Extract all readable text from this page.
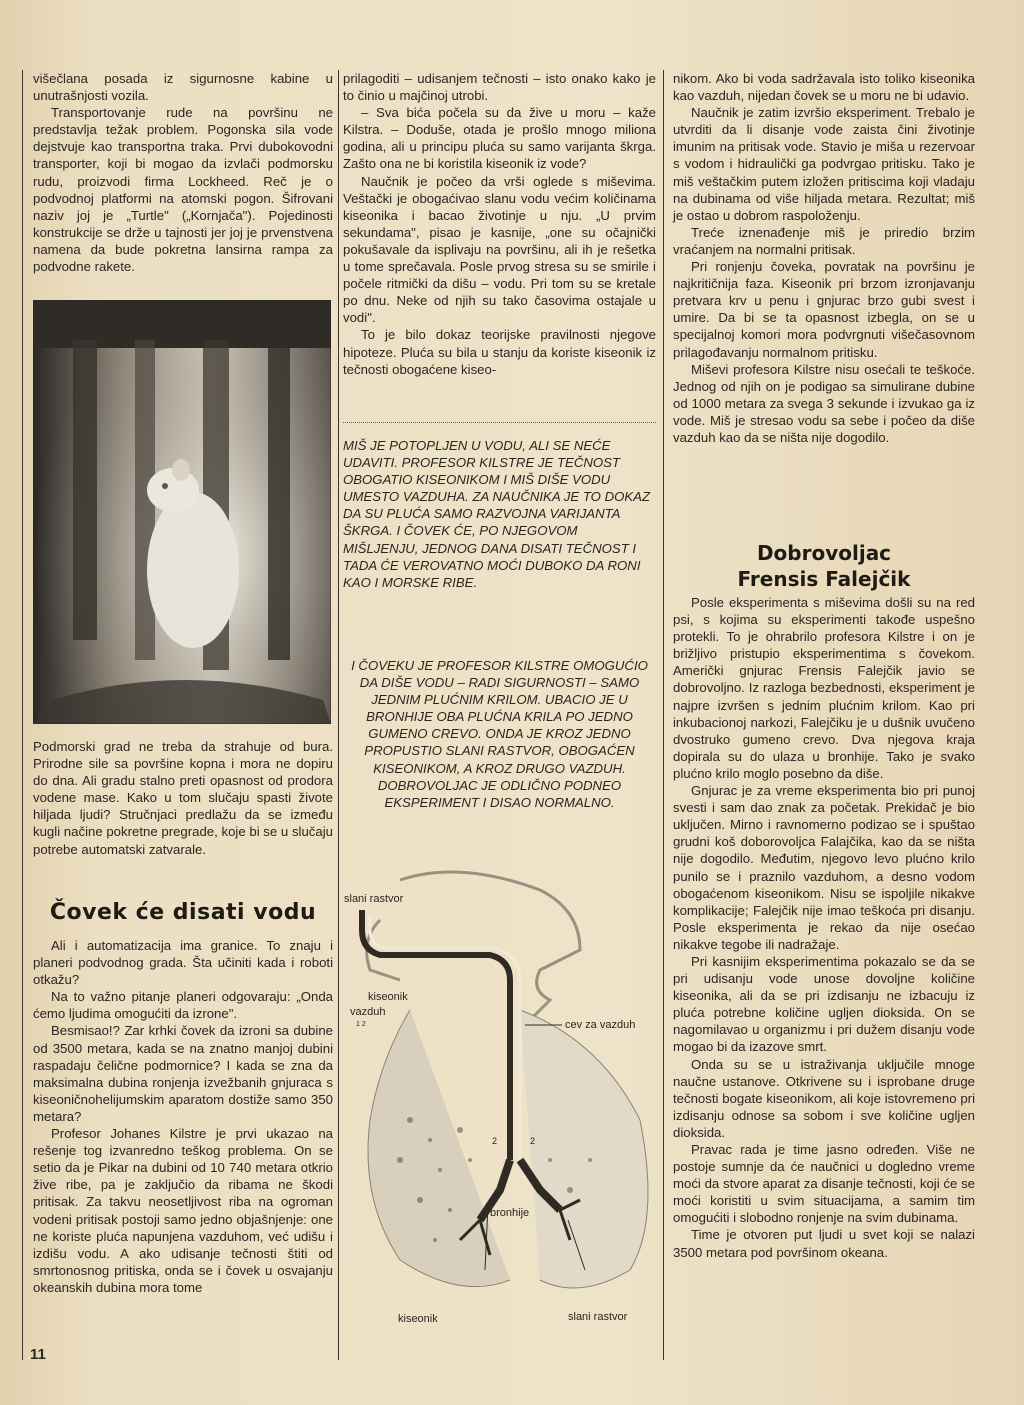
višečlana posada iz sigurnosne kabine u unutrašnjosti vozila.

Transportovanje rude na površinu ne predstavlja težak problem. Pogonska sila vode dejstvuje kao transportna traka. Prvi dubokovodni transporter, koji bi mogao da izvlači podmorsku rudu, proizvodi firma Lockheed. Reč je o podvodnoj platformi na atomski pogon. Šifrovani naziv joj je „Turtle" („Kornjača"). Pojedinosti konstrukcije se drže u tajnosti jer joj je prvenstvena namena da bude pokretna lansirna rampa za podvodne rakete.

Podmorski grad ne treba da strahuje od bura. Prirodne sile sa površine kopna i mora ne dopiru do dna. Ali gradu stalno preti opasnost od prodora vodene mase. Kako u tom slučaju spasti živote hiljada ljudi? Stručnjaci predlažu da se između kugli načine pokretne pregrade, koje bi se u slučaju potrebe automatski zatvarale.
Čovek će disati vodu

Ali i automatizacija ima granice. To znaju i planeri podvodnog grada. Šta učiniti kada i roboti otkažu?

Na to važno pitanje planeri odgovaraju: „Onda ćemo ljudima omogućiti da izrone".

Besmisao!? Zar krhki čovek da izroni sa dubine od 3500 metara, kada se na znatno manjoj dubini raspadaju čelične podmornice? I kada se zna da maksimalna dubina ronjenja izvežbanih gnjuraca s kiseoničnohelijumskim aparatom dostiže samo 350 metara?

Profesor Johanes Kilstre je prvi ukazao na rešenje tog izvanredno teškog problema. On se setio da je Pikar na dubini od 10 740 metara otkrio žive ribe, pa je zaključio da ribama ne škodi pritisak. Za takvu neosetljivost riba na ogroman vodeni pritisak postoji samo jedno objašnjenje: one ne koriste pluća napunjena vazduhom, već udišu i izdišu vodu. A ako udisanje tečnosti štiti od smrtonosnog pritiska, onda se i čovek u osvajanju okeanskih dubina mora tome

prilagoditi – udisanjem tečnosti – isto onako kako je to činio u majčinoj utrobi.

– Sva bića počela su da žive u moru – kaže Kilstra. – Doduše, otada je prošlo mnogo miliona godina, ali u principu pluća su samo varijanta škrga. Zašto ona ne bi koristila kiseonik iz vode?

Naučnik je počeo da vrši oglede s miševima. Veštački je obogaćivao slanu vodu većim količinama kiseonika i bacao životinje u nju. „U prvim sekundama", pisao je kasnije, „one su očajnički pokušavale da isplivaju na površinu, ali ih je rešetka u tome sprečavala. Posle prvog stresa su se smirile i počele ritmički da dišu – vodu. Pri tom su se kretale po dnu. Neke od njih su tako časovima ostajale u vodi".

To je bilo dokaz teorijske pravilnosti njegove hipoteze. Pluća su bila u stanju da koriste kiseonik iz tečnosti obogaćene kiseo-

MIŠ JE POTOPLJEN U VODU, ALI SE NEĆE UDAVITI. PROFESOR KILSTRE JE TEČNOST OBOGATIO KISEONIKOM I MIŠ DIŠE VODU UMESTO VAZDUHA. ZA NAUČNIKA JE TO DOKAZ DA SU PLUĆA SAMO RAZVOJNA VARIJANTA ŠKRGA. I ČOVEK ĆE, PO NJEGOVOM MIŠLJENJU, JEDNOG DANA DISATI TEČNOST I TADA ĆE VEROVATNO MOĆI DUBOKO DA RONI KAO I MORSKE RIBE.
I ČOVEKU JE PROFESOR KILSTRE OMOGUĆIO DA DIŠE VODU – RADI SIGURNOSTI – SAMO JEDNIM PLUĆNIM KRILOM. UBACIO JE U BRONHIJE OBA PLUĆNA KRILA PO JEDNO GUMENO CREVO. ONDA JE KROZ JEDNO PROPUSTIO SLANI RASTVOR, OBOGAĆEN KISEONIKOM, A KROZ DRUGO VAZDUH. DOBROVOLJAC JE ODLIČNO PODNEO EKSPERIMENT I DISAO NORMALNO.
slani rastvor
kiseonik
vazduh
1 2	cev za vazduh
2	2
bronhije
kiseonik	slani rastvor

nikom. Ako bi voda sadržavala isto toliko kiseonika kao vazduh, nijedan čovek se u moru ne bi udavio.

Naučnik je zatim izvršio eksperiment. Trebalo je utvrditi da li disanje vode zaista čini životinje imunim na pritisak vode. Stavio je miša u rezervoar s vodom i hidraulički ga podvrgao pritisku. Tako je miš veštačkim putem izložen pritiscima koji vladaju na dubinama od više hiljada metara. Rezultat; miš je ostao u dobrom raspoloženju.

Treće iznenađenje miš je priredio brzim vraćanjem na normalni pritisak.

Pri ronjenju čoveka, povratak na površinu je najkritičnija faza. Kiseonik pri brzom izronjavanju pretvara krv u penu i gnjurac brzo gubi svest i umire. Da bi se ta opasnost izbegla, on se u specijalnoj komori mora podvrgnuti višečasovnom prilagođavanju normalnom pritisku.

Miševi profesora Kilstre nisu osećali te teškoće. Jednog od njih on je podigao sa simulirane dubine od 1000 metara za svega 3 sekunde i izvukao ga iz vode. Miš je stresao vodu sa sebe i počeo da diše vazduh kao da se ništa nije dogodilo.

Dobrovoljac
Frensis Falejčik

Posle eksperimenta s miševima došli su na red psi, s kojima su eksperimenti takođe uspešno protekli. To je ohrabrilo profesora Kilstre i on je brižljivo pristupio eksperimentima s čovekom. Američki gnjurac Frensis Falejčik javio se dobrovoljno. Iz razloga bezbednosti, eksperiment je najpre izvršen s jednim plućnim krilom. Kao pri inkubacionoj narkozi, Falejčiku je u dušnik uvučeno dvostruko gumeno crevo. Dva njegova kraja dopirala su do ulaza u bronhije. Tako je svako plućno krilo moglo posebno da diše.

Gnjurac je za vreme eksperimenta bio pri punoj svesti i sam dao znak za početak. Prekidač je bio uključen. Mirno i ravnomerno podizao se i spuštao grudni koš doborovoljca Falajčika, kao da se ništa nije dogodilo. Međutim, njegovo levo plućno krilo punilo se i praznilo vazduhom, a desno vodom obogaćenom kiseonikom. Nisu se ispoljile nikakve komplikacije; Falejčik nije imao teškoća pri disanju. Posle eksperimenta je rekao da nije osećao nikakve tegobe ili nadražaje.

Pri kasnijim eksperimentima pokazalo se da se pri udisanju vode unose dovoljne količine kiseonika, ali da se pri izdisanju ne izbacuju iz pluća potrebne količine ugljen dioksida. On se nagomilavao u organizmu i pri dužem disanju vode mogao bi da izazove smrt.

Onda su se u istraživanja uključile mnoge naučne ustanove. Otkrivene su i isprobane druge tečnosti bogate kiseonikom, ali koje istovremeno pri izdisanju odnose sa sobom i sve količine ugljen dioksida.

Pravac rada je time jasno određen. Više ne postoje sumnje da će naučnici u dogledno vreme moći da stvore aparat za disanje tečnosti, koji će se moći koristiti u svim situacijama, a samim tim omogućiti i slobodno ronjenje na svim dubinama.

Time je otvoren put ljudi u svet koji se nalazi 3500 metara pod površinom okeana.

11
